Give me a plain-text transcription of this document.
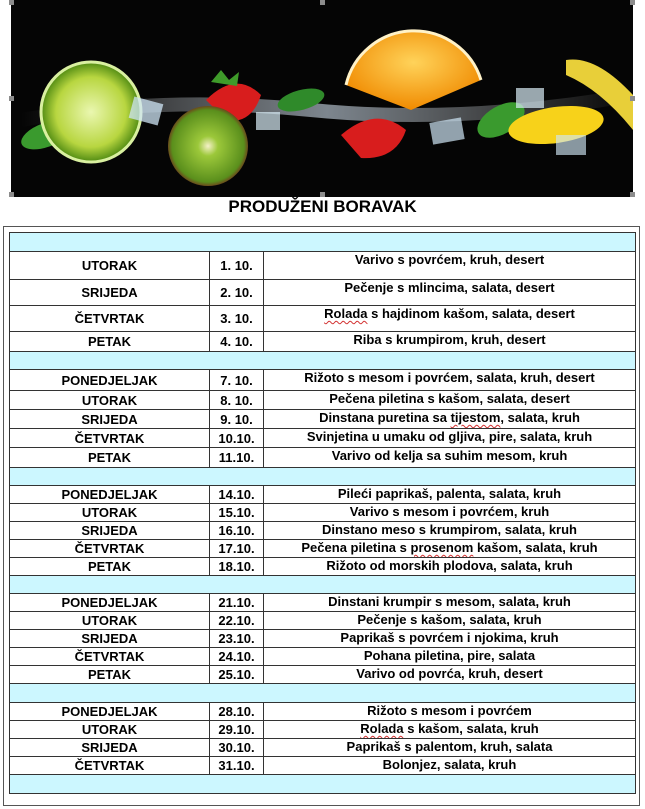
PRODUŽENI BORAVAK

UTORAK	1. 10.	Varivo s povrćem, kruh, desert
SRIJEDA	2. 10.	Pečenje s mlincima, salata, desert
ČETVRTAK	3. 10.	Rolada s hajdinom kašom, salata, desert
PETAK	4. 10.	Riba s krumpirom, kruh, desert

PONEDJELJAK	7. 10.	Rižoto s mesom i povrćem, salata, kruh, desert
UTORAK	8. 10.	Pečena piletina s kašom, salata, desert
SRIJEDA	9. 10.	Dinstana puretina sa tijestom, salata, kruh
ČETVRTAK	10.10.	Svinjetina u umaku od gljiva, pire, salata, kruh
PETAK	11.10.	Varivo od kelja sa suhim mesom, kruh

PONEDJELJAK	14.10.	Pileći paprikaš, palenta, salata, kruh
UTORAK	15.10.	Varivo s mesom i povrćem, kruh
SRIJEDA	16.10.	Dinstano meso s krumpirom, salata, kruh
ČETVRTAK	17.10.	Pečena piletina s prosenom kašom, salata, kruh
PETAK	18.10.	Rižoto od morskih plodova, salata, kruh

PONEDJELJAK	21.10.	Dinstani krumpir s mesom, salata, kruh
UTORAK	22.10.	Pečenje s kašom, salata, kruh
SRIJEDA	23.10.	Paprikaš s povrćem i njokima, kruh
ČETVRTAK	24.10.	Pohana piletina, pire, salata
PETAK	25.10.	Varivo od povrća, kruh, desert

PONEDJELJAK	28.10.	Rižoto s mesom i povrćem
UTORAK	29.10.	Rolada s kašom, salata, kruh
SRIJEDA	30.10.	Paprikaš s palentom, kruh, salata
ČETVRTAK	31.10.	Bolonjez, salata, kruh
